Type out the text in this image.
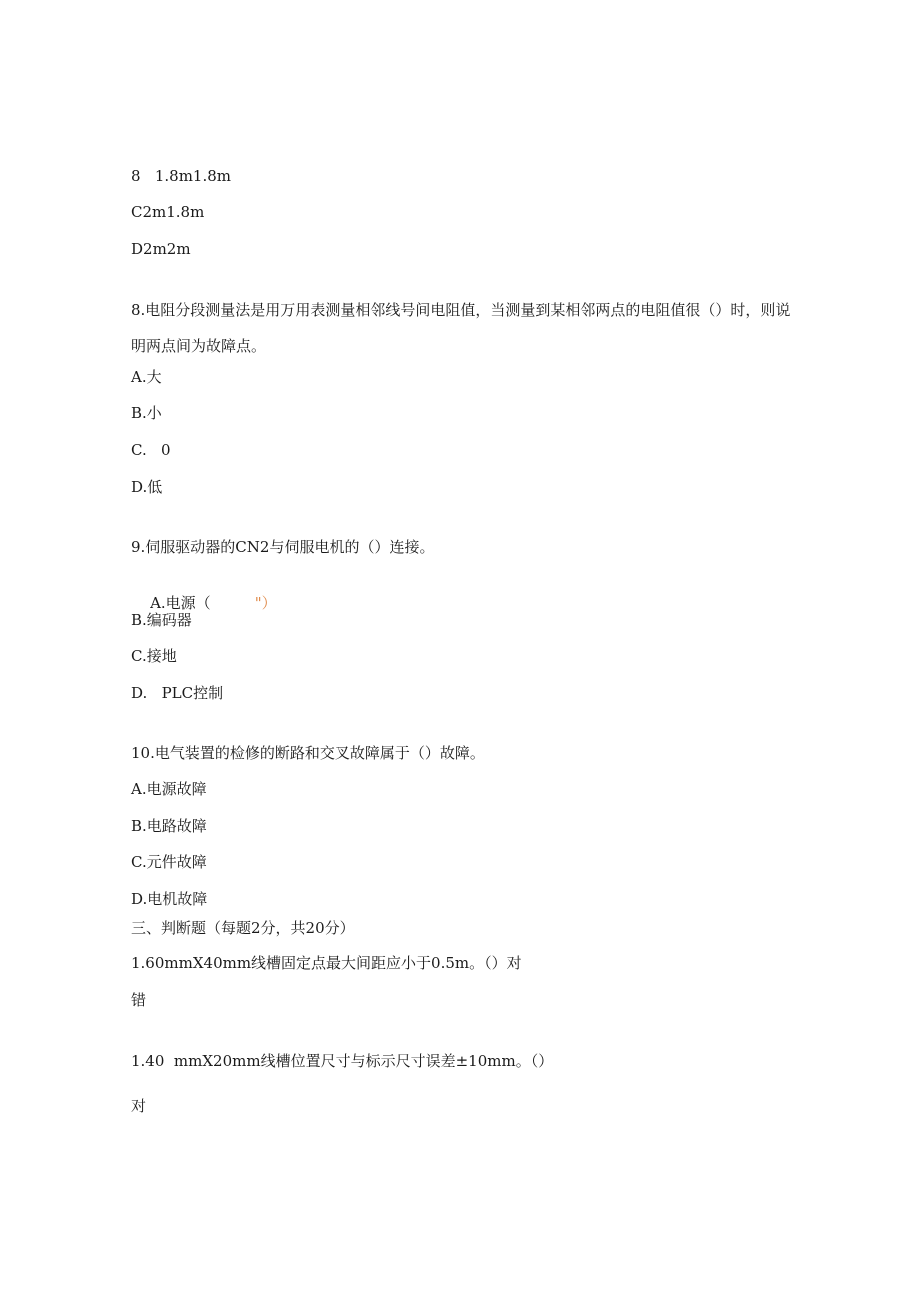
8   1.8m1.8m
C2m1.8m
D2m2m
8.电阻分段测量法是用万用表测量相邻线号间电阻值，当测量到某相邻两点的电阻值很（）时，则说明两点间为故障点。
A.大
B.小
C.   0
D.低
9.伺服驱动器的CN2与伺服电机的（）连接。

A.电源（	"）

B.编码器
C.接地
D.   PLC控制
10.电气装置的检修的断路和交叉故障属于（）故障。
A.电源故障
B.电路故障
C.元件故障
D.电机故障
三、判断题（每题2分，共20分）
1.60mmX40mm线槽固定点最大间距应小于0.5m。（）对
错
1.40  mmX20mm线槽位置尺寸与标示尺寸误差±10mm。（）
对
